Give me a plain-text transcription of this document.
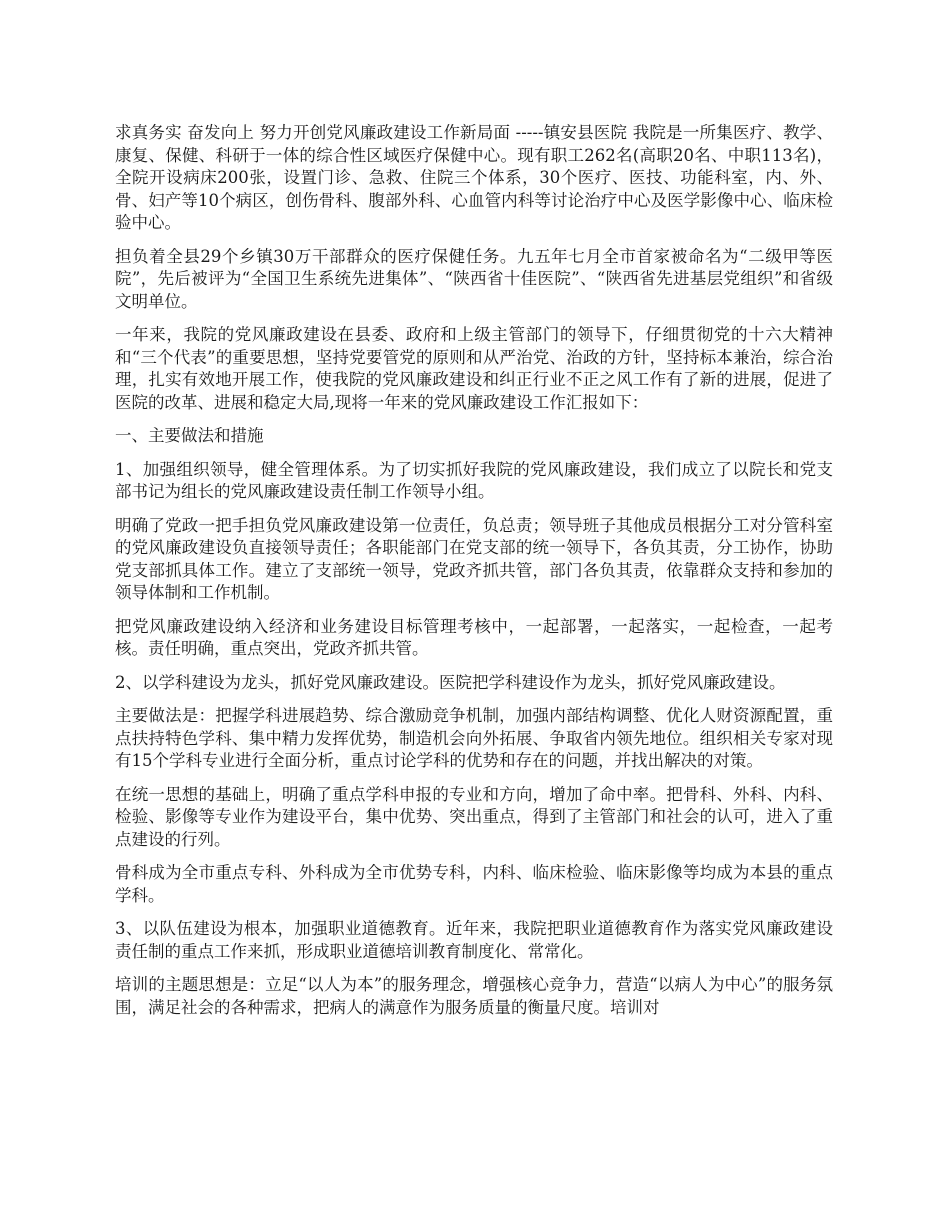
求真务实 奋发向上 努力开创党风廉政建设工作新局面 -----镇安县医院 我院是一所集医疗、教学、康复、保健、科研于一体的综合性区域医疗保健中心。现有职工262名(高职20名、中职113名)，全院开设病床200张，设置门诊、急救、住院三个体系，30个医疗、医技、功能科室，内、外、骨、妇产等10个病区，创伤骨科、腹部外科、心血管内科等讨论治疗中心及医学影像中心、临床检验中心。

担负着全县29个乡镇30万干部群众的医疗保健任务。九五年七月全市首家被命名为“二级甲等医院”，先后被评为“全国卫生系统先进集体”、“陕西省十佳医院”、“陕西省先进基层党组织”和省级文明单位。

一年来，我院的党风廉政建设在县委、政府和上级主管部门的领导下，仔细贯彻党的十六大精神和“三个代表”的重要思想，坚持党要管党的原则和从严治党、治政的方针，坚持标本兼治，综合治理，扎实有效地开展工作，使我院的党风廉政建设和纠正行业不正之风工作有了新的进展，促进了医院的改革、进展和稳定大局,现将一年来的党风廉政建设工作汇报如下：

一、主要做法和措施

1、加强组织领导，健全管理体系。为了切实抓好我院的党风廉政建设，我们成立了以院长和党支部书记为组长的党风廉政建设责任制工作领导小组。

明确了党政一把手担负党风廉政建设第一位责任，负总责；领导班子其他成员根据分工对分管科室的党风廉政建设负直接领导责任；各职能部门在党支部的统一领导下，各负其责，分工协作，协助党支部抓具体工作。建立了支部统一领导，党政齐抓共管，部门各负其责，依靠群众支持和参加的领导体制和工作机制。

把党风廉政建设纳入经济和业务建设目标管理考核中，一起部署，一起落实，一起检查，一起考核。责任明确，重点突出，党政齐抓共管。

2、以学科建设为龙头，抓好党风廉政建设。医院把学科建设作为龙头，抓好党风廉政建设。

主要做法是：把握学科进展趋势、综合激励竞争机制，加强内部结构调整、优化人财资源配置，重点扶持特色学科、集中精力发挥优势，制造机会向外拓展、争取省内领先地位。组织相关专家对现有15个学科专业进行全面分析，重点讨论学科的优势和存在的问题，并找出解决的对策。

在统一思想的基础上，明确了重点学科申报的专业和方向，增加了命中率。把骨科、外科、内科、检验、影像等专业作为建设平台，集中优势、突出重点，得到了主管部门和社会的认可，进入了重点建设的行列。

骨科成为全市重点专科、外科成为全市优势专科，内科、临床检验、临床影像等均成为本县的重点学科。

3、以队伍建设为根本，加强职业道德教育。近年来，我院把职业道德教育作为落实党风廉政建设责任制的重点工作来抓，形成职业道德培训教育制度化、常常化。

培训的主题思想是：立足“以人为本”的服务理念，增强核心竞争力，营造“以病人为中心”的服务氛围，满足社会的各种需求，把病人的满意作为服务质量的衡量尺度。培训对
